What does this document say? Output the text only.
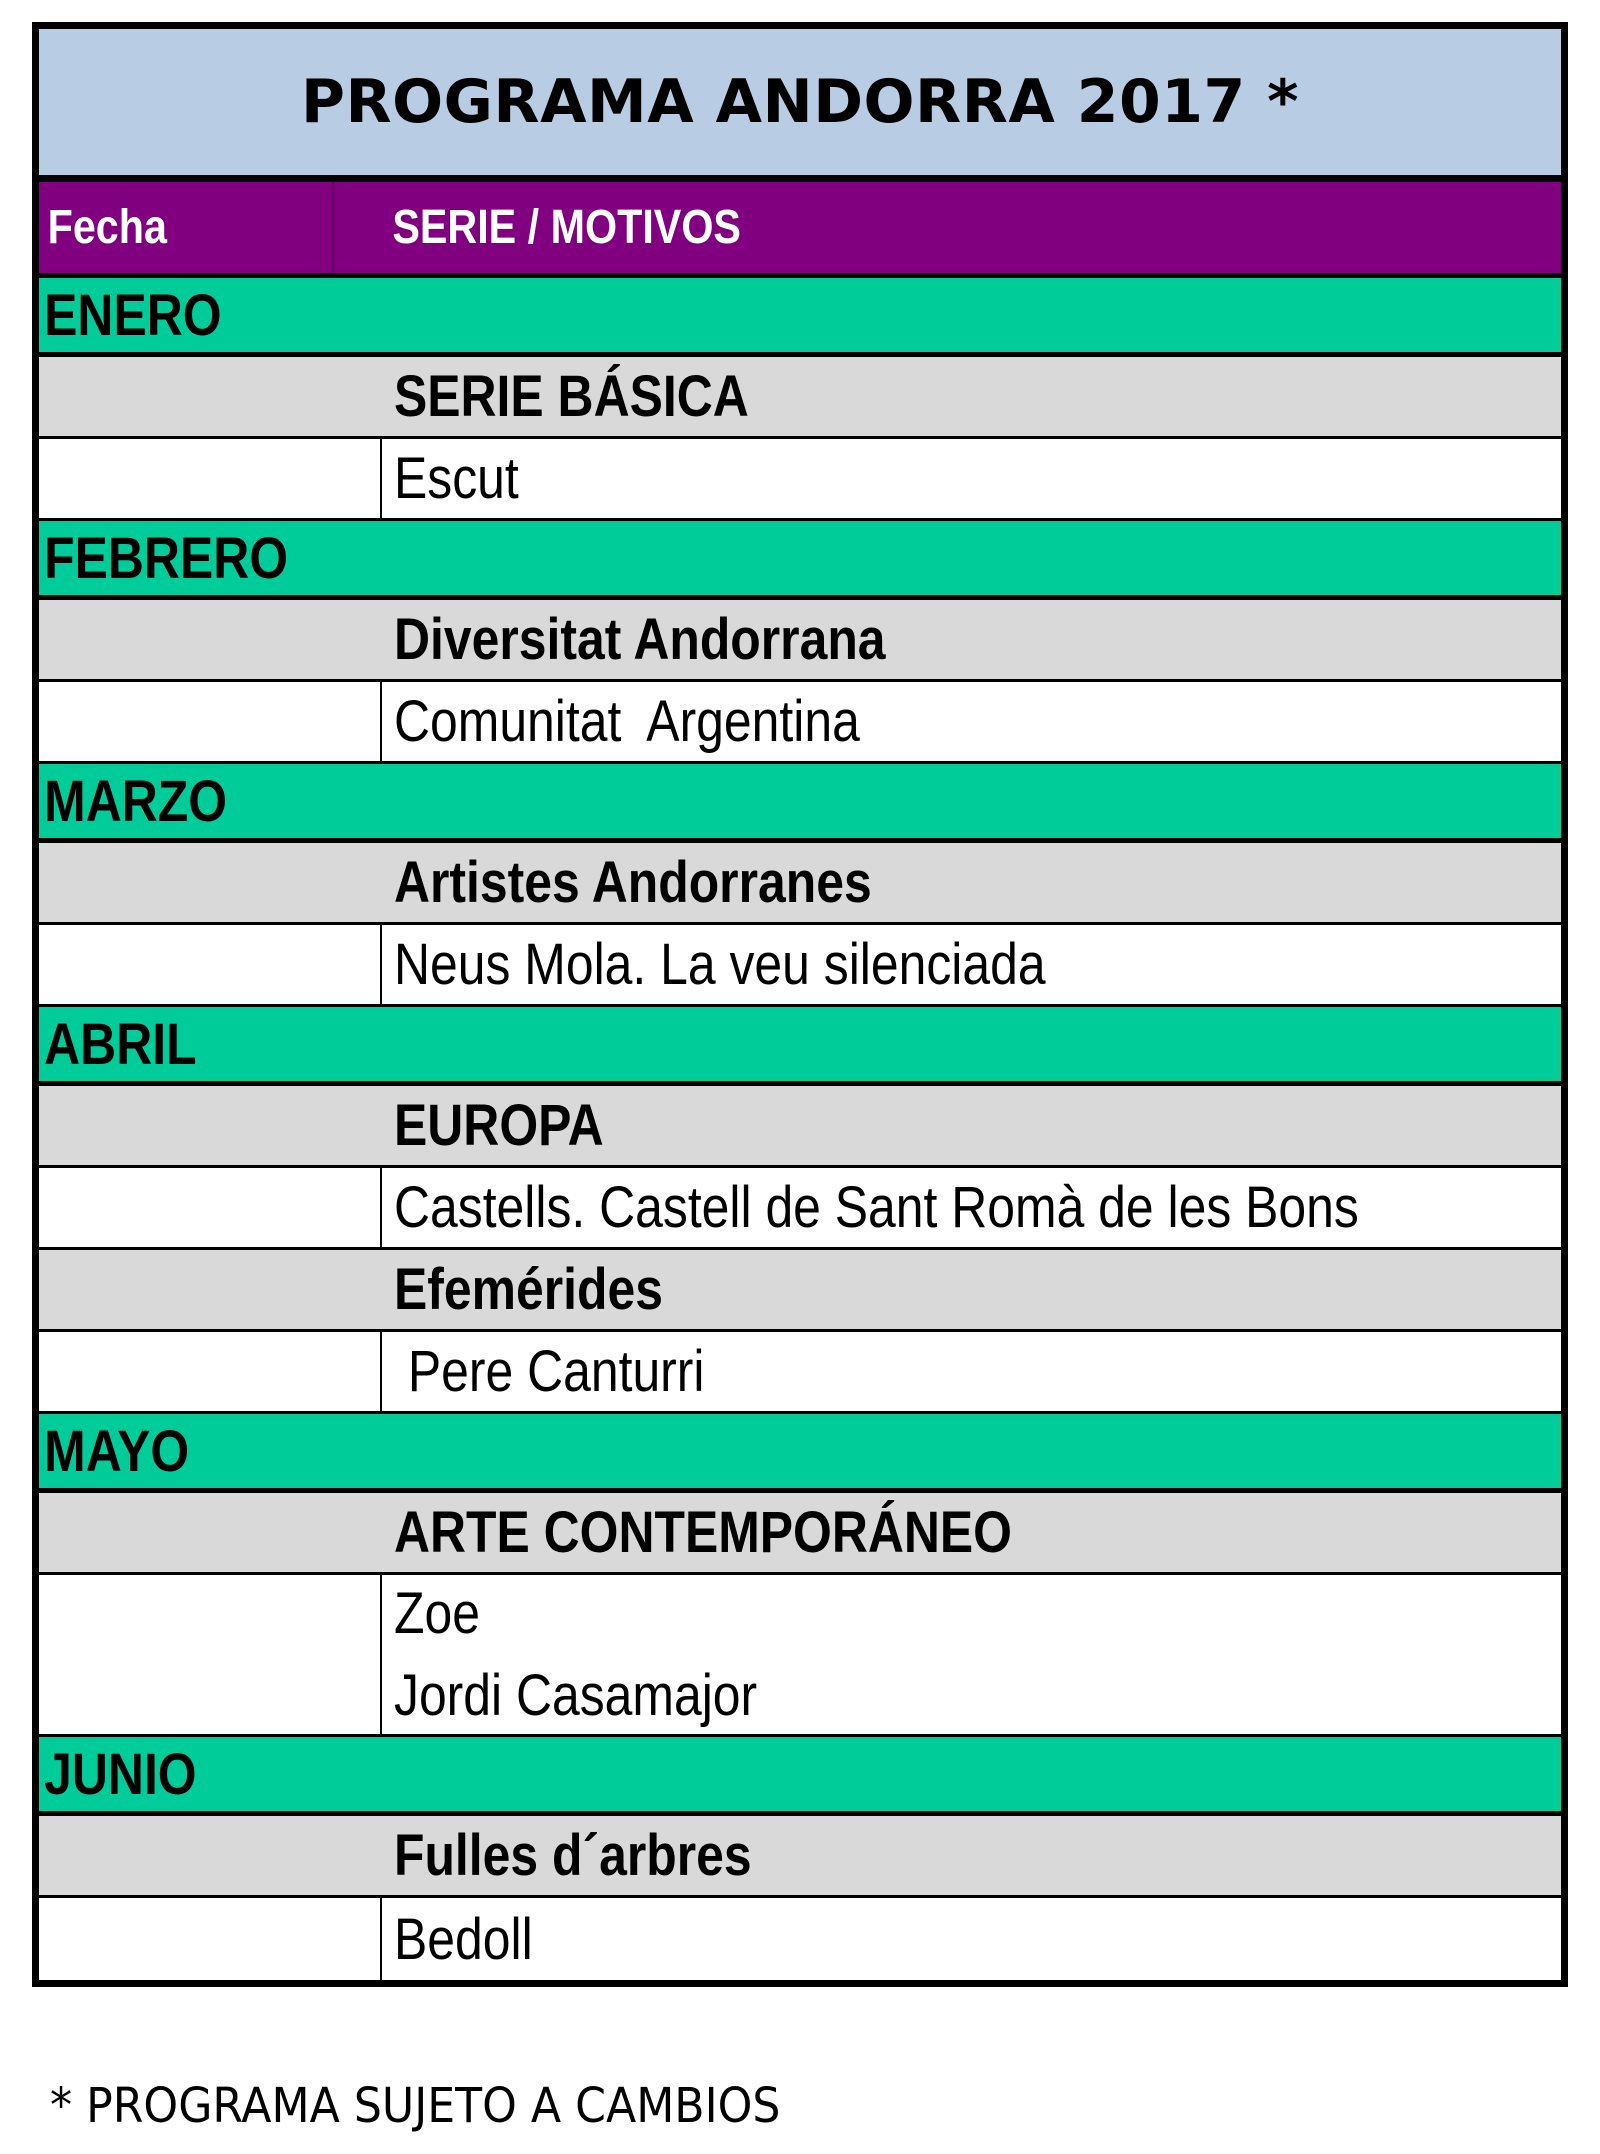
PROGRAMA ANDORRA 2017 *
Fecha	SERIE / MOTIVOS
ENERO
SERIE BÁSICA
Escut
FEBRERO
Diversitat Andorrana
Comunitat  Argentina
MARZO
Artistes Andorranes
Neus Mola. La veu silenciada
ABRIL
EUROPA
Castells. Castell de Sant Romà de les Bons
Efemérides
Pere Canturri
MAYO
ARTE CONTEMPORÁNEO
Zoe
Jordi Casamajor
JUNIO
Fulles d´arbres
Bedoll
* PROGRAMA SUJETO A CAMBIOS
